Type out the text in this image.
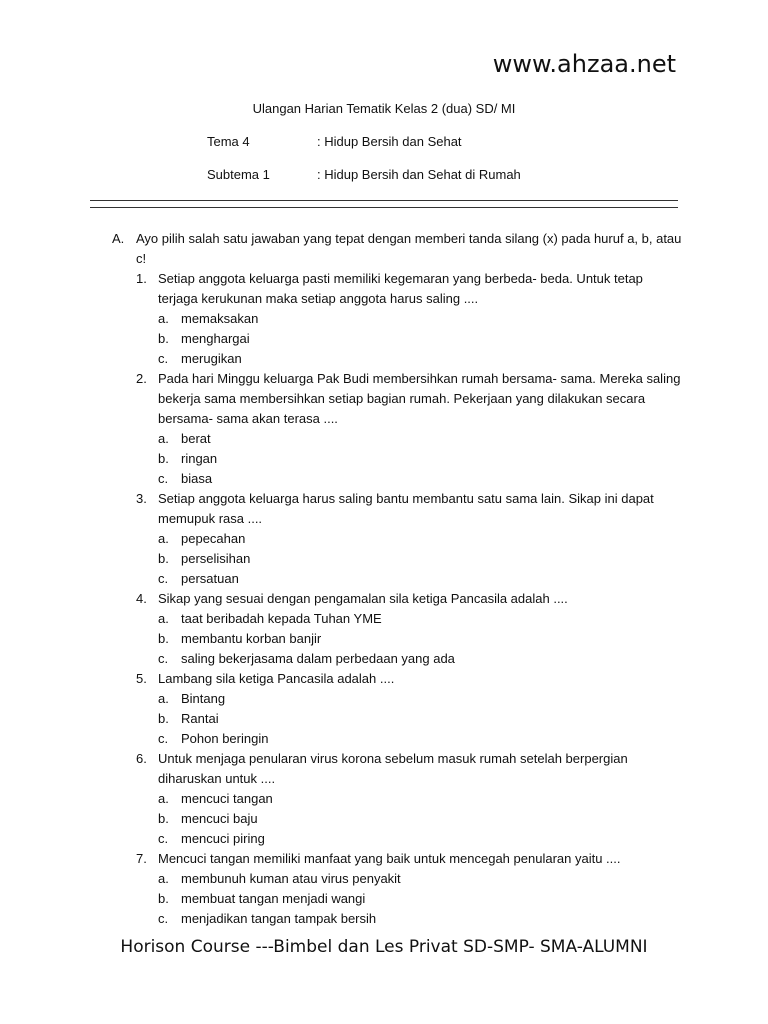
www.ahzaa.net
Ulangan Harian Tematik Kelas 2 (dua) SD/ MI
Tema 4	: Hidup Bersih dan Sehat
Subtema 1	: Hidup Bersih dan Sehat di Rumah
A. Ayo pilih salah satu jawaban yang tepat dengan memberi tanda silang (x) pada huruf a, b, atau c!
1. Setiap anggota keluarga pasti memiliki kegemaran yang berbeda- beda. Untuk tetap terjaga kerukunan maka setiap anggota harus saling ....
a. memaksakan
b. menghargai
c. merugikan
2. Pada hari Minggu keluarga Pak Budi membersihkan rumah bersama- sama. Mereka saling bekerja sama membersihkan setiap bagian rumah. Pekerjaan yang dilakukan secara bersama- sama akan terasa ....
a. berat
b. ringan
c. biasa
3. Setiap anggota keluarga harus saling bantu membantu satu sama lain. Sikap ini dapat memupuk rasa ....
a. pepecahan
b. perselisihan
c. persatuan
4. Sikap yang sesuai dengan pengamalan sila ketiga Pancasila adalah ....
a. taat beribadah kepada Tuhan YME
b. membantu korban banjir
c. saling bekerjasama dalam perbedaan yang ada
5. Lambang sila ketiga Pancasila adalah ....
a. Bintang
b. Rantai
c. Pohon beringin
6. Untuk menjaga penularan virus korona sebelum masuk rumah setelah berpergian diharuskan untuk ....
a. mencuci tangan
b. mencuci baju
c. mencuci piring
7. Mencuci tangan memiliki manfaat yang baik untuk mencegah penularan yaitu ....
a. membunuh kuman atau virus penyakit
b. membuat tangan menjadi wangi
c. menjadikan tangan tampak bersih
Horison Course ---Bimbel dan Les Privat SD-SMP- SMA-ALUMNI
